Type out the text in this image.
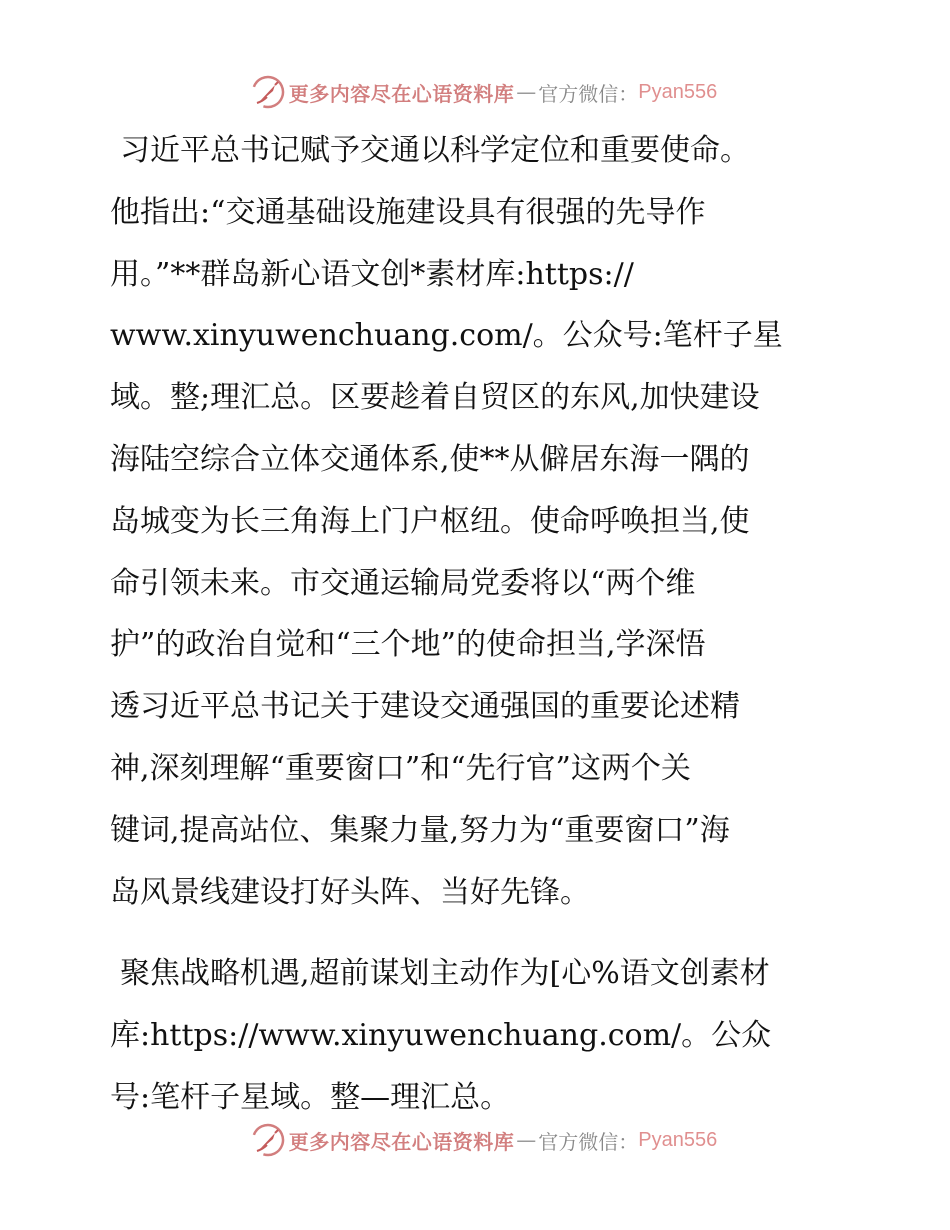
更多内容尽在心语资料库 — 官方微信： Pyan556

习近平总书记赋予交通以科学定位和重要使命。
他指出:“交通基础设施建设具有很强的先导作
用。”**群岛新心语文创*素材库:https://
www.xinyuwenchuang.com/。公众号:笔杆子星
域。整;理汇总。区要趁着自贸区的东风,加快建设
海陆空综合立体交通体系,使**从僻居东海一隅的
岛城变为长三角海上门户枢纽。使命呼唤担当,使
命引领未来。市交通运输局党委将以“两个维
护”的政治自觉和“三个地”的使命担当,学深悟
透习近平总书记关于建设交通强国的重要论述精
神,深刻理解“重要窗口”和“先行官”这两个关
键词,提高站位、集聚力量,努力为“重要窗口”海
岛风景线建设打好头阵、当好先锋。

聚焦战略机遇,超前谋划主动作为[心%语文创素材
库:https://www.xinyuwenchuang.com/。公众
号:笔杆子星域。整—理汇总。

更多内容尽在心语资料库 — 官方微信： Pyan556
